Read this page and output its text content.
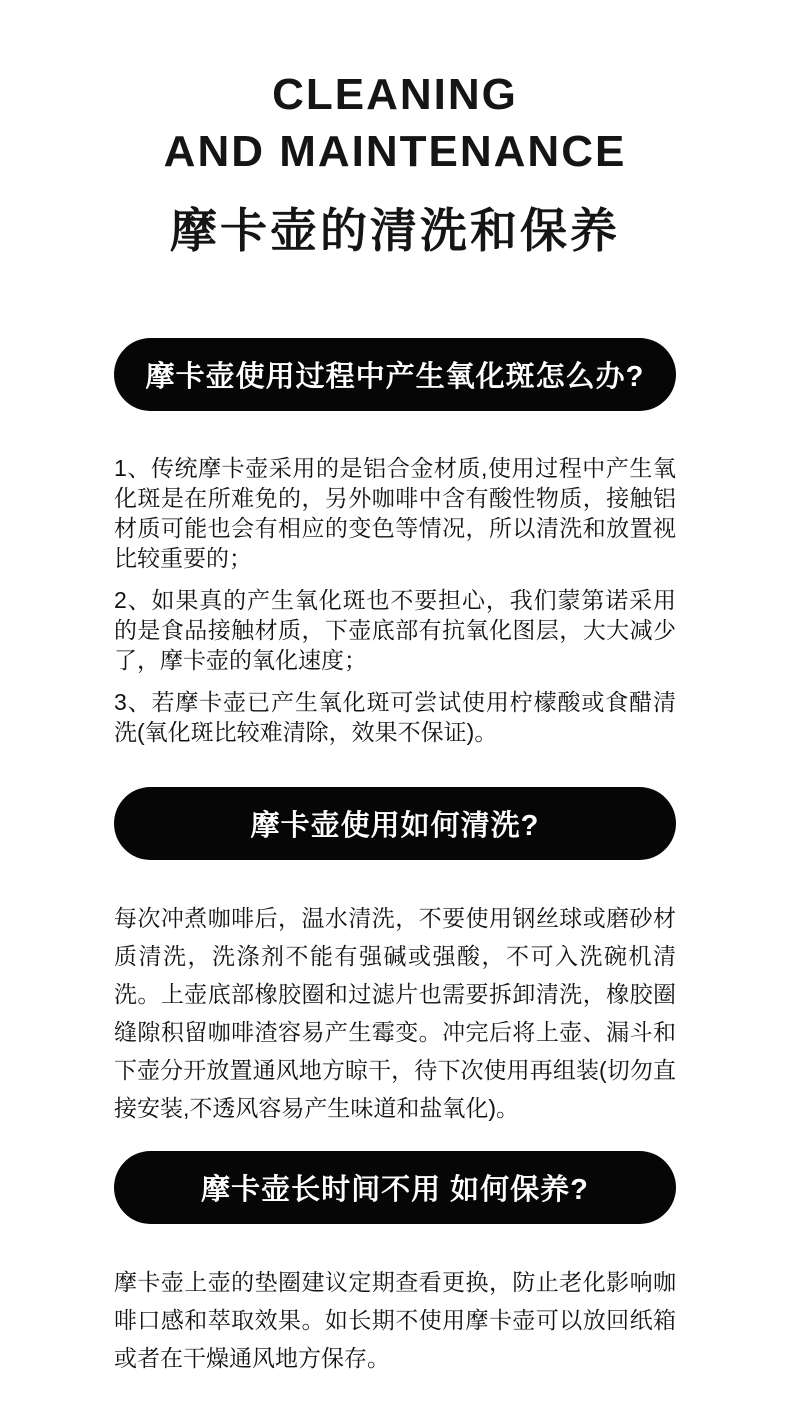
CLEANING
AND MAINTENANCE
摩卡壶的清洗和保养
摩卡壶使用过程中产生氧化斑怎么办?

1、传统摩卡壶采用的是铝合金材质,使用过程中产生氧化斑是在所难免的，另外咖啡中含有酸性物质，接触铝材质可能也会有相应的变色等情况，所以清洗和放置视比较重要的；

2、如果真的产生氧化斑也不要担心，我们蒙第诺采用的是食品接触材质，下壶底部有抗氧化图层，大大减少了，摩卡壶的氧化速度；

3、若摩卡壶已产生氧化斑可尝试使用柠檬酸或食醋清洗(氧化斑比较难清除，效果不保证)。

摩卡壶使用如何清洗?

每次冲煮咖啡后，温水清洗，不要使用钢丝球或磨砂材质清洗，洗涤剂不能有强碱或强酸，不可入洗碗机清洗。上壶底部橡胶圈和过滤片也需要拆卸清洗，橡胶圈缝隙积留咖啡渣容易产生霉变。冲完后将上壶、漏斗和下壶分开放置通风地方晾干，待下次使用再组装(切勿直接安装,不透风容易产生味道和盐氧化)。

摩卡壶长时间不用 如何保养?

摩卡壶上壶的垫圈建议定期查看更换，防止老化影响咖啡口感和萃取效果。如长期不使用摩卡壶可以放回纸箱或者在干燥通风地方保存。
